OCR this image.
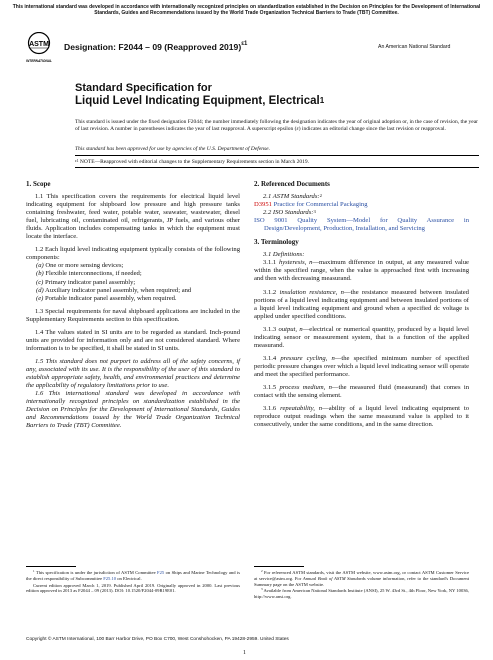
This international standard was developed in accordance with internationally recognized principles on standardization established in the Decision on Principles for the Development of International Standards, Guides and Recommendations issued by the World Trade Organization Technical Barriers to Trade (TBT) Committee.
ASTM
INTERNATIONAL
Designation: F2044 – 09 (Reapproved 2019)$^{\varepsilon 1}$	An American National Standard
Standard Specification for
Liquid Level Indicating Equipment, Electrical$^1$
This standard is issued under the fixed designation F2044; the number immediately following the designation indicates the year of original adoption or, in the case of revision, the year of last revision. A number in parentheses indicates the year of last reapproval. A superscript epsilon (ε) indicates an editorial change since the last revision or reapproval.
This standard has been approved for use by agencies of the U.S. Department of Defense.
$^{\varepsilon 1}$ NOTE—Reapproved with editorial changes to the Supplementary Requirements section in March 2019.

1. Scope

1.1 This specification covers the requirements for electrical liquid level indicating equipment for shipboard low pressure and high pressure tanks containing freshwater, feed water, potable water, seawater, wastewater, diesel fuel, lubricating oil, contaminated oil, refrigerants, JP fuels, and various other fluids. Application includes compensating tanks in which the equipment must locate the interface.

1.2 Each liquid level indicating equipment typically consists of the following components:

(a) One or more sensing devices;
(b) Flexible interconnections, if needed;
(c) Primary indicator panel assembly;
(d) Auxiliary indicator panel assembly, when required; and
(e) Portable indicator panel assembly, when required.

1.3 Special requirements for naval shipboard applications are included in the Supplementary Requirements section to this specification.

1.4 The values stated in SI units are to be regarded as standard. Inch-pound units are provided for information only and are not considered standard. Where information is to be specified, it shall be stated in SI units.

1.5 This standard does not purport to address all of the safety concerns, if any, associated with its use. It is the responsibility of the user of this standard to establish appropriate safety, health, and environmental practices and determine the applicability of regulatory limitations prior to use.

1.6 This international standard was developed in accordance with internationally recognized principles on standardization established in the Decision on Principles for the Development of International Standards, Guides and Recommendations issued by the World Trade Organization Technical Barriers to Trade (TBT) Committee.

2. Referenced Documents

2.1 ASTM Standards:$^2$

D3951 Practice for Commercial Packaging

2.2 ISO Standards:$^3$

ISO 9001 Quality System—Model for Quality Assurance in Design/Development, Production, Installation, and Servicing

3. Terminology

3.1 Definitions:

3.1.1 hysteresis, n—maximum difference in output, at any measured value within the specified range, when the value is approached first with increasing and then with decreasing measurand.

3.1.2 insulation resistance, n—the resistance measured between insulated portions of a liquid level indicating equipment and between insulated portions of a liquid level indicating equipment and ground when a specified dc voltage is applied under specified conditions.

3.1.3 output, n—electrical or numerical quantity, produced by a liquid level indicating sensor or measurement system, that is a function of the applied measurand.

3.1.4 pressure cycling, n—the specified minimum number of specified periodic pressure changes over which a liquid level indicating sensor will operate and meet the specified performance.

3.1.5 process medium, n—the measured fluid (measurand) that comes in contact with the sensing element.

3.1.6 repeatability, n—ability of a liquid level indicating equipment to reproduce output readings when the same measurand value is applied to it consecutively, under the same conditions, and in the same direction.

$^1$ This specification is under the jurisdiction of ASTM Committee F25 on Ships and Marine Technology and is the direct responsibility of Subcommittee F25.10 on Electrical.

Current edition approved March 1, 2019. Published April 2019. Originally approved in 2000. Last previous edition approved in 2013 as F2044 – 09 (2013). DOI: 10.1520/F2044-09R19E01.

$^2$ For referenced ASTM standards, visit the ASTM website, www.astm.org, or contact ASTM Customer Service at service@astm.org. For Annual Book of ASTM Standards volume information, refer to the standard's Document Summary page on the ASTM website.

$^3$ Available from American National Standards Institute (ANSI), 25 W. 43rd St., 4th Floor, New York, NY 10036, http://www.ansi.org.

Copyright © ASTM International, 100 Barr Harbor Drive, PO Box C700, West Conshohocken, PA 19428-2959. United States
1
